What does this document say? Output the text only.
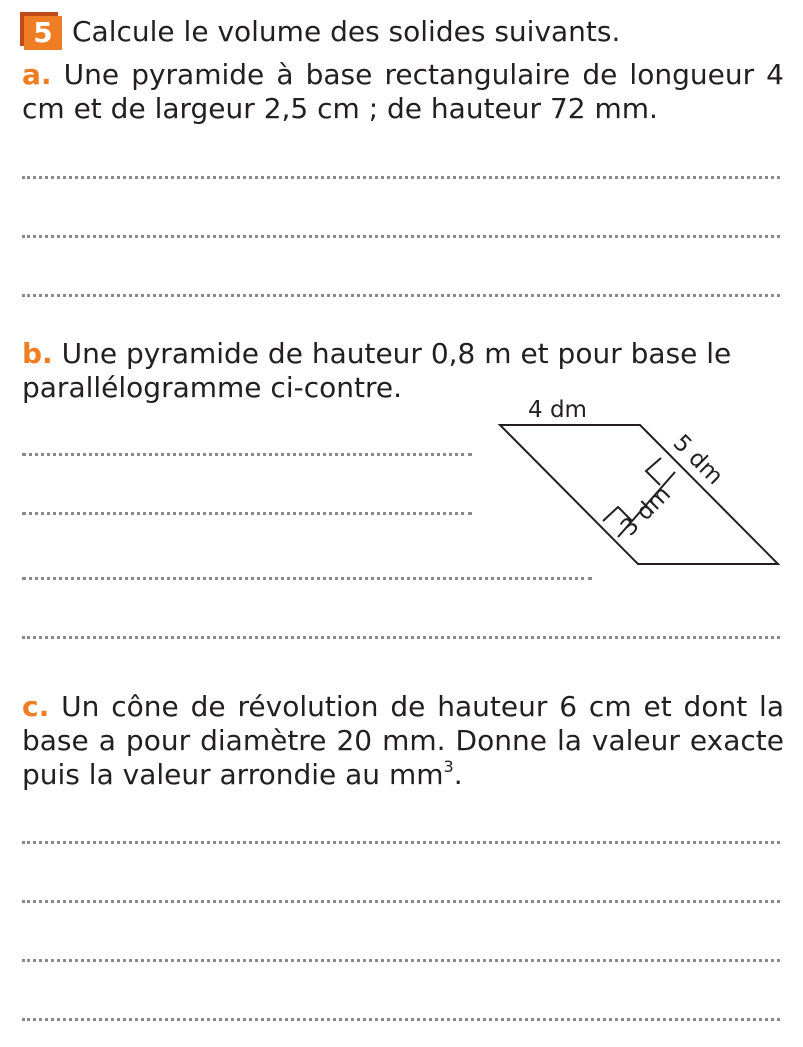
5 Calcule le volume des solides suivants.
a. Une pyramide à base rectangulaire de longueur 4 cm et de largeur 2,5 cm ; de hauteur 72 mm.
b. Une pyramide de hauteur 0,8 m et pour base le
parallélogramme ci-contre.
4 dm
5 dm
3 dm
c. Un cône de révolution de hauteur 6 cm et dont la base a pour diamètre 20 mm. Donne la valeur exacte puis la valeur arrondie au $mm^3$.
